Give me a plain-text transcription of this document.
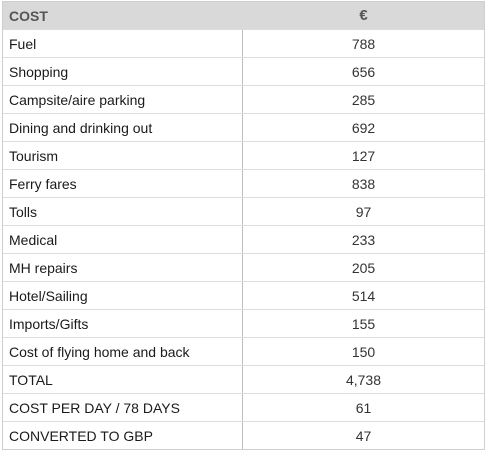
COST	€
Fuel	788
Shopping	656
Campsite/aire parking	285
Dining and drinking out	692
Tourism	127
Ferry fares	838
Tolls	97
Medical	233
MH repairs	205
Hotel/Sailing	514
Imports/Gifts	155
Cost of flying home and back	150
TOTAL	4,738
COST PER DAY / 78 DAYS	61
CONVERTED TO GBP	47
